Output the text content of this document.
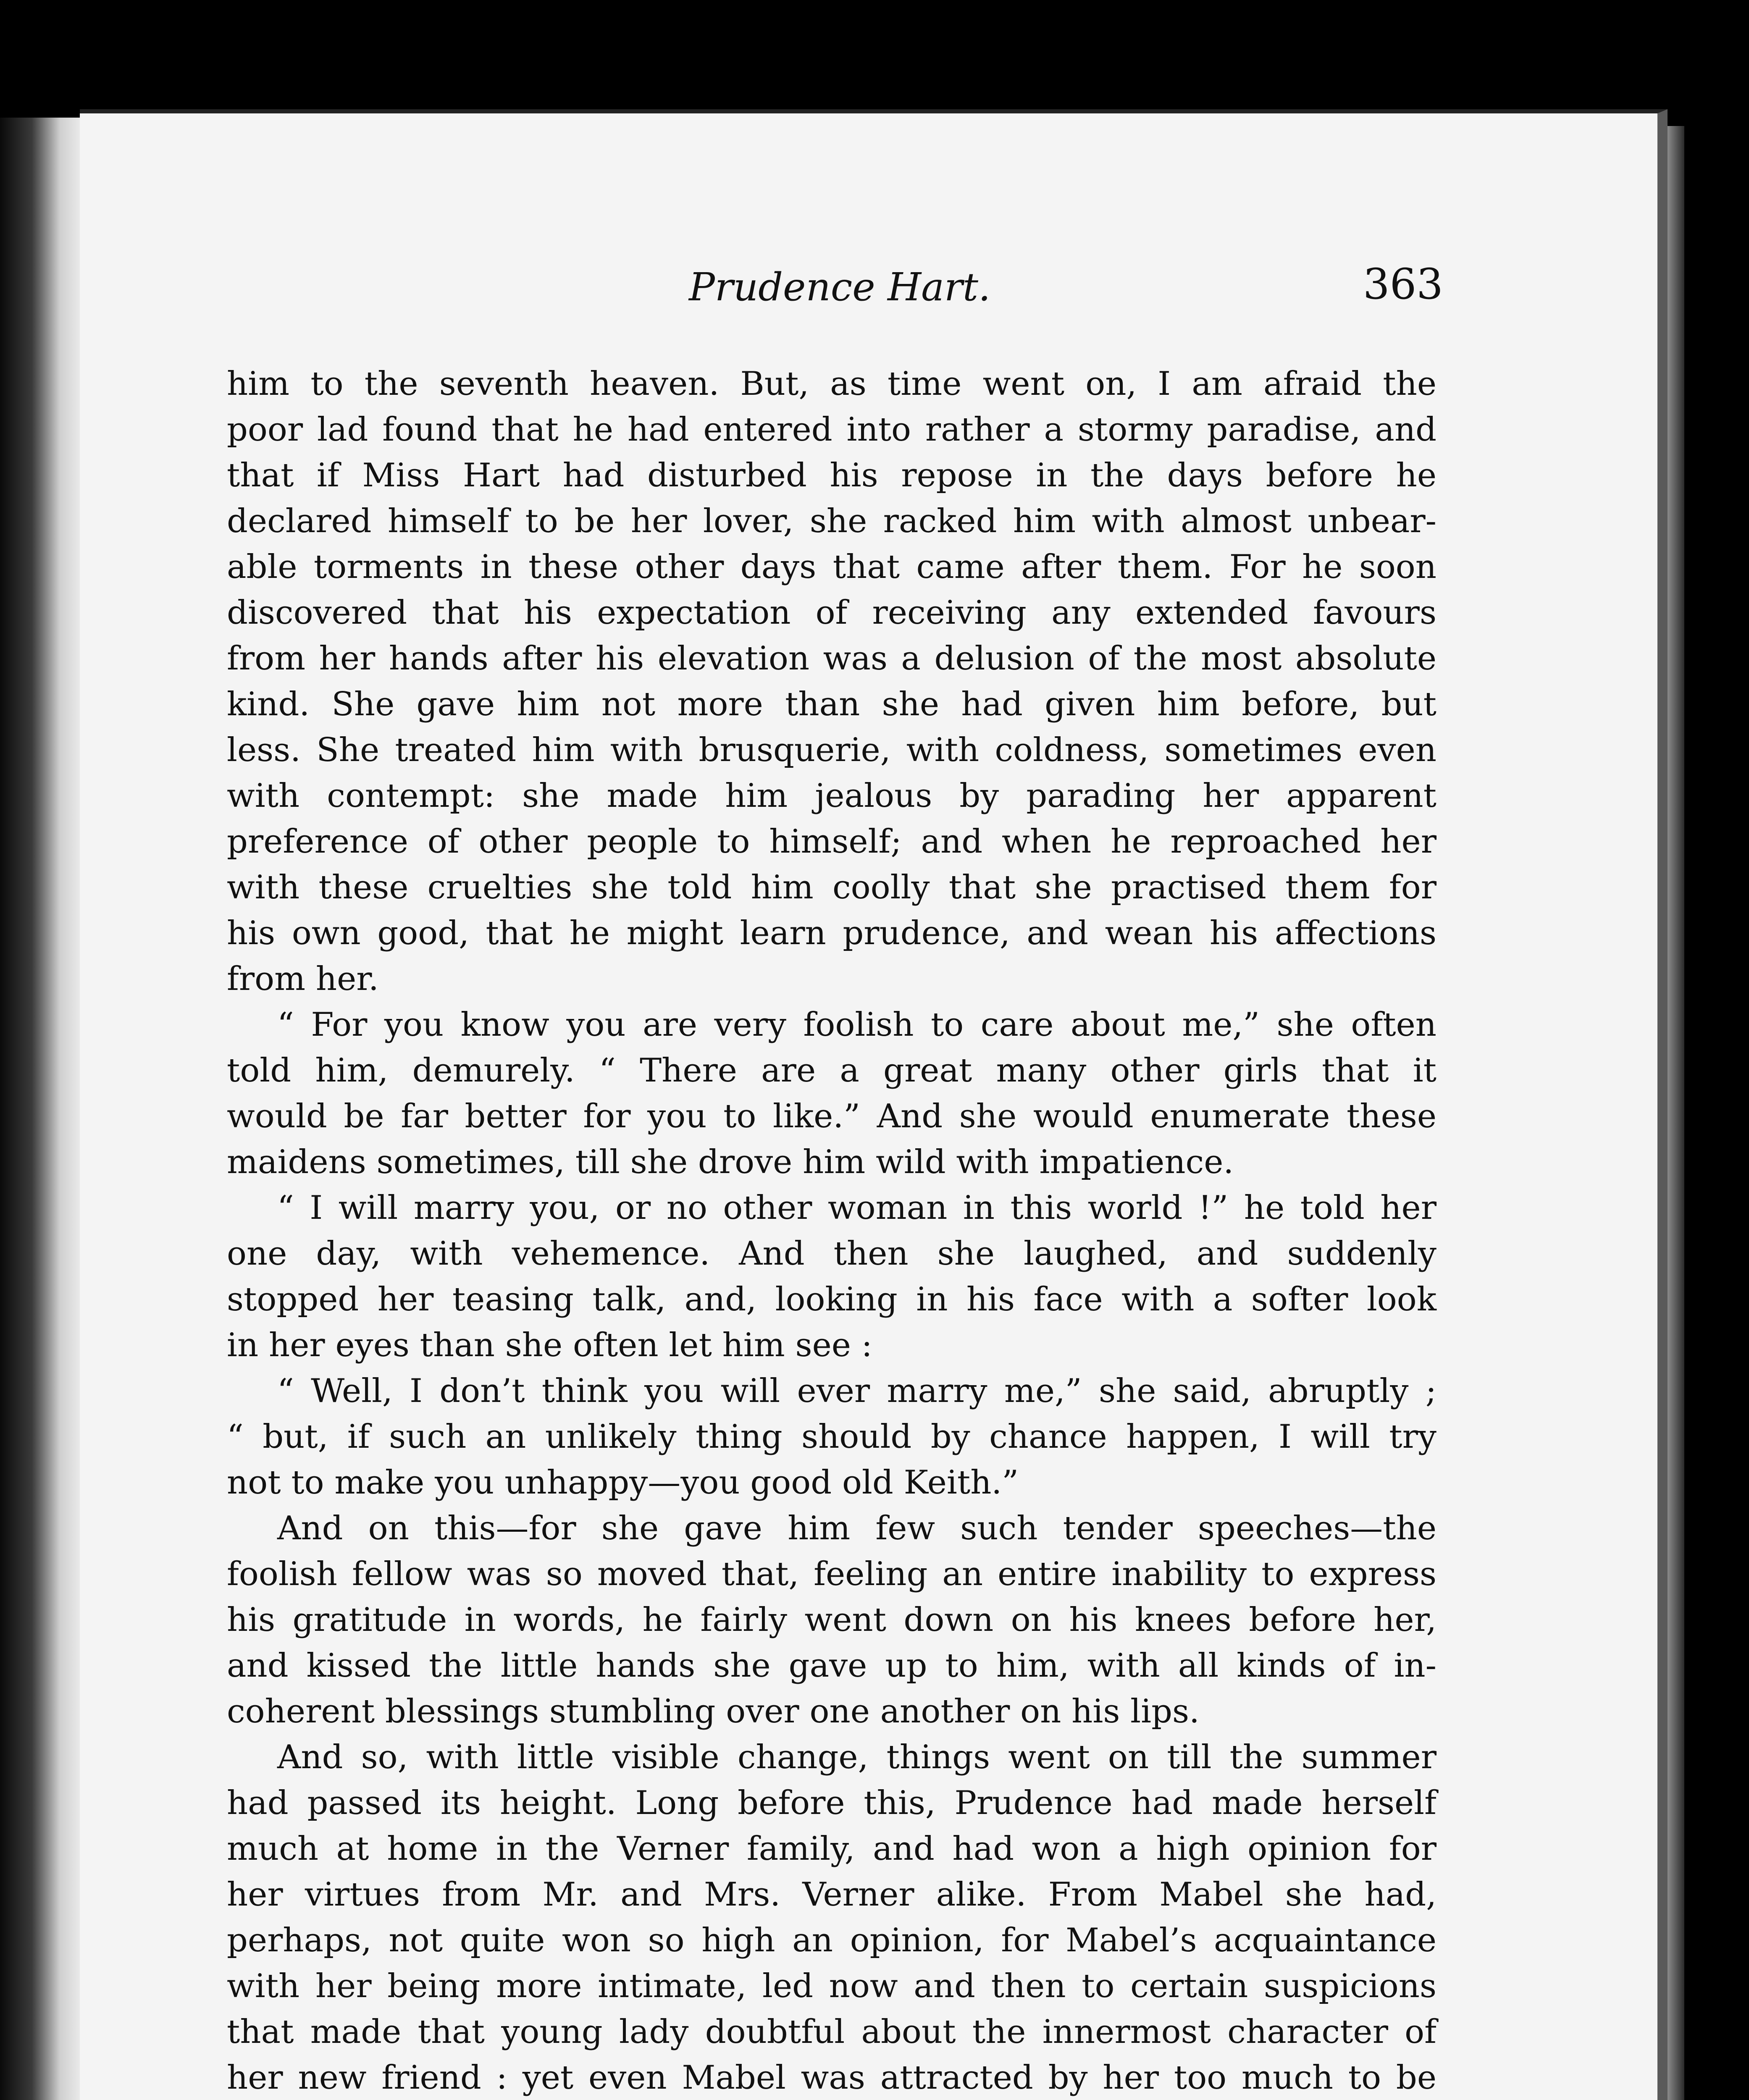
Prudence Hart.	363
him to the seventh heaven. But, as time went on, I am afraid the
poor lad found that he had entered into rather a stormy paradise, and
that if Miss Hart had disturbed his repose in the days before he
declared himself to be her lover, she racked him with almost unbear-
able torments in these other days that came after them. For he soon
discovered that his expectation of receiving any extended favours
from her hands after his elevation was a delusion of the most absolute
kind. She gave him not more than she had given him before, but
less. She treated him with brusquerie, with coldness, sometimes even
with contempt: she made him jealous by parading her apparent
preference of other people to himself; and when he reproached her
with these cruelties she told him coolly that she practised them for
his own good, that he might learn prudence, and wean his affections
from her.
“ For you know you are very foolish to care about me,” she often
told him, demurely. “ There are a great many other girls that it
would be far better for you to like.” And she would enumerate these
maidens sometimes, till she drove him wild with impatience.
“ I will marry you, or no other woman in this world !” he told her
one day, with vehemence. And then she laughed, and suddenly
stopped her teasing talk, and, looking in his face with a softer look
in her eyes than she often let him see :
“ Well, I don’t think you will ever marry me,” she said, abruptly ;
“ but, if such an unlikely thing should by chance happen, I will try
not to make you unhappy—you good old Keith.”
And on this—for she gave him few such tender speeches—the
foolish fellow was so moved that, feeling an entire inability to express
his gratitude in words, he fairly went down on his knees before her,
and kissed the little hands she gave up to him, with all kinds of in-
coherent blessings stumbling over one another on his lips.
And so, with little visible change, things went on till the summer
had passed its height. Long before this, Prudence had made herself
much at home in the Verner family, and had won a high opinion for
her virtues from Mr. and Mrs. Verner alike. From Mabel she had,
perhaps, not quite won so high an opinion, for Mabel’s acquaintance
with her being more intimate, led now and then to certain suspicions
that made that young lady doubtful about the innermost character of
her new friend : yet even Mabel was attracted by her too much to be
